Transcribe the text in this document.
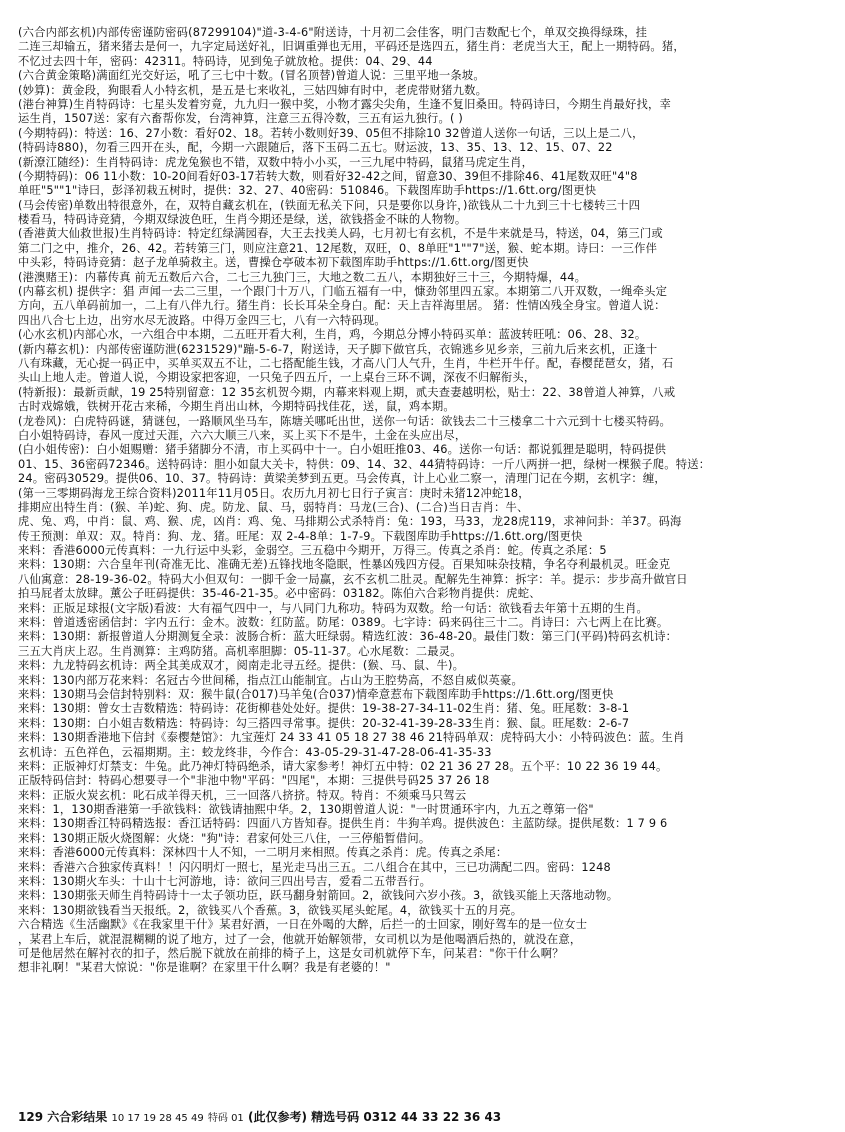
(六合内部玄机)内部传密谨防密码(87299104)"道-3-4-6"附送诗，十月初二会佳客，明门吉数配七个，单双交换得绿珠，挂
二连三却输五，猪来猪去是何一，九字定局送好礼，旧调重弹也无用，平码还是选四五，猪生肖：老虎当大王，配上一期特码。猪，
不忆过去四十年，密码：42311。特码诗，见到兔子就放枪。提供：04、29、44
(六合黄金策略)满面红光交好运，吼了三七中十数。(冒名顶替)曾道人说：三里平地一条坡。
(妙算)：黄金段，狗眼看人小特玄机，是五是七来收礼，三姑四婶有时中，老虎带财猪九数。
(港台神算)生肖特码诗：七星头发着穷竟，九九归一猴中奖，小物才露尖尖角，生逢不复旧桑田。特码诗曰，今期生肖最好找，幸
运生肖，1507送：家有六畜帮你发，台湾神算，注意三五得冷数，三五有运九独行。( )
(今期特码)：特送：16、27小数：看好02、18。若转小数则好39、05但不排除10 32曾道人送你一句话，三以上是二八，
(特码诗880)，勿看三四开在头，配，今期一六跟随后，落下玉码二五七。财运波，13、35、13、12、15、07、22
(新潦江随经)：生肖特码诗：虎龙兔猴也不错，双数中特小小买，一三九尾中特码，鼠猪马虎定生肖，
(今期特码)：06 11小数：10-20间看好03-17若转大数，则看好32-42之间，留意30、39但不排除46、41尾数双旺"4"8
单旺"5""1"诗曰，彭泽初栽五树时，提供：32、27、40密码：510846。下载图库助手https://1.6tt.org/图更快
(马会传密)单数出特很意外，在，双特自藏玄机在，(铁面无私关下问，只是要你以身许，)欲钱从二十九到三十七楼转三十四
楼看马，特码诗竞猜，今期双绿波色旺，生肖今期还是绿，送，欲钱搭金不昧的人物物。
(香港黄大仙救世报)生肖特码诗：特定红绿满园春，大王去找美人码，七月初七有玄机，不是牛来就是马，特送，04，第三门或
第二门之中，推介，26、42。若转第三门，则应注意21、12尾数，双旺，0、8单旺"1""7"送，猴、蛇本期。诗曰：一三作伴
中头彩，特码诗竞猜：赵子龙单骑救主。送，曹操仓亭破本初下载图库助手https://1.6tt.org/图更快
(港澳赌王)：内幕传真 前无五数后六合，二七三九独门三，大地之数二五八，本期独好三十三，今期特爆，44。
(内幕玄机) 提供字：猖 声闻一去二三里，一个跟门十万八，门临五福有一中，慷劲邻里四五家。本期第二八开双数，一绳牵头定
方向，五八单码前加一，二上有八伴九行。猪生肖：长长耳朵全身白。配：天上吉祥海里居。 猪：性情凶残全身宝。曾道人说：
四出八合七上边，出穷水尽无波路。中得万金四三七，八有一六特码现。
(心水玄机)内部心水，一六组合中本期，二五旺开看大利，生肖，鸡，今期总分博小特码买单：蓝波转旺吼：06、28、32。
(新内幕玄机)：内部传密谨防泄(6231529)"蹦-5-6-7，附送诗，天子脚下做官兵，衣锦逃乡见乡亲，三前九后来玄机，正逢十
八有珠藏，无心捉一码正中，买单买双五不让，二七搭配能生钱，才高八门人气升，生肖，牛栏开牛仔。配，春樱琵琶女，猪，石
头山上地人走。曾道人说，今期设家把客迎，一只兔子四五斤，一上桌台三环不调，深夜不归解衔头，
(特新报)：最新贡献，19 25特别留意：12 35玄机贺今期，内幕来料观上期，贰夫查妻越明松，贴士：22、38曾道人神算，八戒
古时戏嫦娥，铁树开花古来稀，今期生肖出山林，今期特码找佳花，送，鼠，鸡本期。
(龙卷风)：白虎特码谜，猜谜包，一路顺风坐马车，陈塘关哪吒出世，送你一句话：欲钱去二十三楼拿二十六元到十七楼买特码。
白小姐特码诗，春风一度过天涯，六六大顺三八来，买上买下不是牛，土金在头应出尽，
(白小姐传密)：白小姐赐赠：猪手猪脚分不清，市上买码中十一。白小姐旺推03、46。送你一句话：都说狐狸是聪明，特码提供
01、15、36密码72346。送特码诗：胆小如鼠大关卡，特供：09、14、32、44猜特码诗：一斤八两拼一把，绿树一棵猴子爬。特送：
24。密码30529。提供06、10、37。特码诗：黄梁美梦到五更。马会传真，计上心业二察一，清理门记在今期，玄机字：缠，
(第一三零期码海龙王综合资料)2011年11月05日。农历九月初七日行子寅言：庚时未猪12冲蛇18，
排期应出特生肖：(猴、羊)蛇、狗、虎。防龙、鼠、马，弱特肖：马龙(三合)、(二合)当日吉肖：牛、
虎、兔、鸡，中肖：鼠、鸡、猴、虎，凶肖：鸡、兔、马排期公式杀特肖：兔：193，马33，龙28虎119，求神问卦：羊37。码海
传王预测：单双：双。特肖：狗、龙、猪。旺尾：双 2-4-8单：1-7-9。下载图库助手https://1.6tt.org/图更快
来料：香港6000元传真料：一九行运中头彩，金弱空。三五稳中今期开，万得三。传真之杀肖：蛇。传真之杀尾：5
来料：130期：六合皇年刊(奇准无比、准确无差)五锋找地冬隐眠，性暴凶残四方侵。百果知味杂技精，争名夺利最机灵。旺金克
八仙寓意：28-19-36-02。特码大小但双句：一脚千金一局赢，玄不玄机二肚灵。配解先生神算：拆字：羊。提示：步步高升做官日
拍马屁者太放肆。薰公子旺码提供：35-46-21-35。必中密码：03182。陈伯六合彩物肖提供：虎蛇、
来料：正版足球报(文字版)看波：大有福气四中一，与八同门九称功。特码为双数。给一句话：欲钱看去年第十五期的生肖。
来料：曾道透密函信封：字内五行：金木。波数：红防蓝。防尾：0389。七字诗：码来码往三十二。肖诗曰：六七两上在比赛。
来料：130期：新报曾道人分期测复全录：波肠合析：蓝大旺绿弱。精选红波：36-48-20。最佳门数：第三门(平码)特码玄机诗：
三五大肖庆上忍。生肖测算：主鸡防猪。高机率胆脚：05-11-37。心水尾数：二最灵。
来料：九龙特码玄机诗：两全其美成双才，阅南走北寻五经。提供：(猴、马、鼠、牛)。
来料：130内部万花来料：名冠古今世间稀，指点江山能制宜。占山为王腔势高，不怒自威似英豪。
来料：130期马会信封特别料：双：猴牛鼠(合017)马羊兔(合037)情牵意惹布下载图库助手https://1.6tt.org/图更快
来料：130期：曾女士吉数精选：特码诗：花街柳巷处处好。提供：19-38-27-34-11-02生肖：猪、兔。旺尾数：3-8-1
来料：130期：白小姐吉数精选：特码诗：勾三搭四寻常事。提供：20-32-41-39-28-33生肖：猴、鼠。旺尾数：2-6-7
来料：130期香港地下信封《泰樱楚馆》：九宝莲灯 24 33 41 05 18 27 38 46 21特码单双：虎特码大小：小特码波色：蓝。生肖
玄机诗：五色祥色，云福期期。主：蛟龙终非，今作合：43-05-29-31-47-28-06-41-35-33
来料：正版神灯灯禁支：牛兔。此乃神灯特码绝杀，请大家参考！神灯五中特：02 21 36 27 28。五个平：10 22 36 19 44。
正版特码信封：特码心想要寻一个"非池中物"平码："四尾"，本期：三提供号码25 37 26 18
来料：正版火炭玄机：叱石成羊得天机，三一回落八挤挤。特双。特肖：不须乘马只驾云
来料：1，130期香港第一手欲钱料：欲钱请抽熙中华。2，130期曾道人说："一时贯通环宇内，九五之尊第一俗"
来料：130期香江特码精选报：香江话特码：四面八方皆知春。提供生肖：牛狗羊鸡。提供波色：主蓝防绿。提供尾数：1 7 9 6
来料：130期正版火烧图解：火烧："狗"诗：君家何处三八住，一三停船暂借问。
来料：香港6000元传真料：深林四十人不知，一二明月来相照。传真之杀肖：虎。传真之杀尾：
来料：香港六合独家传真料！！闪闪明灯一照七，星光走马出三五。二八组合在其中，三已功满配二四。密码：1248
来料：130期火车头：十山十七河游地，诗：欲问三四出号吉，爱看二五带吾行。
来料：130期张天师生肖特码诗十一太子领功臣，跃马翻身射箭回。2，欲钱问六岁小孩。3，欲钱买能上天落地动物。
来料：130期欲钱看当天报纸。2，欲钱买八个香蕉。3，欲钱买尾头蛇尾。4，欲钱买十五的月亮。
六合精选《生活幽默》《在我家里干什》某君好酒，一日在外喝的大醉，后拦一的士回家，刚好驾车的是一位女士
，某君上车后，就混混糊糊的说了地方，过了一会，他就开始解领带，女司机以为是他喝酒后热的，就没在意，
可是他居然在解衬衣的扣子，然后脱下就放在前排的椅子上，这是女司机就停下车，问某君："你干什么啊？
想非礼啊！"某君大惊说："你是谁啊？在家里干什么啊？我是有老婆的！"
129 六合彩结果 10 17 19 28 45 49 特码 01 (此仅参考) 精选号码 0312 44 33 22 36 43
